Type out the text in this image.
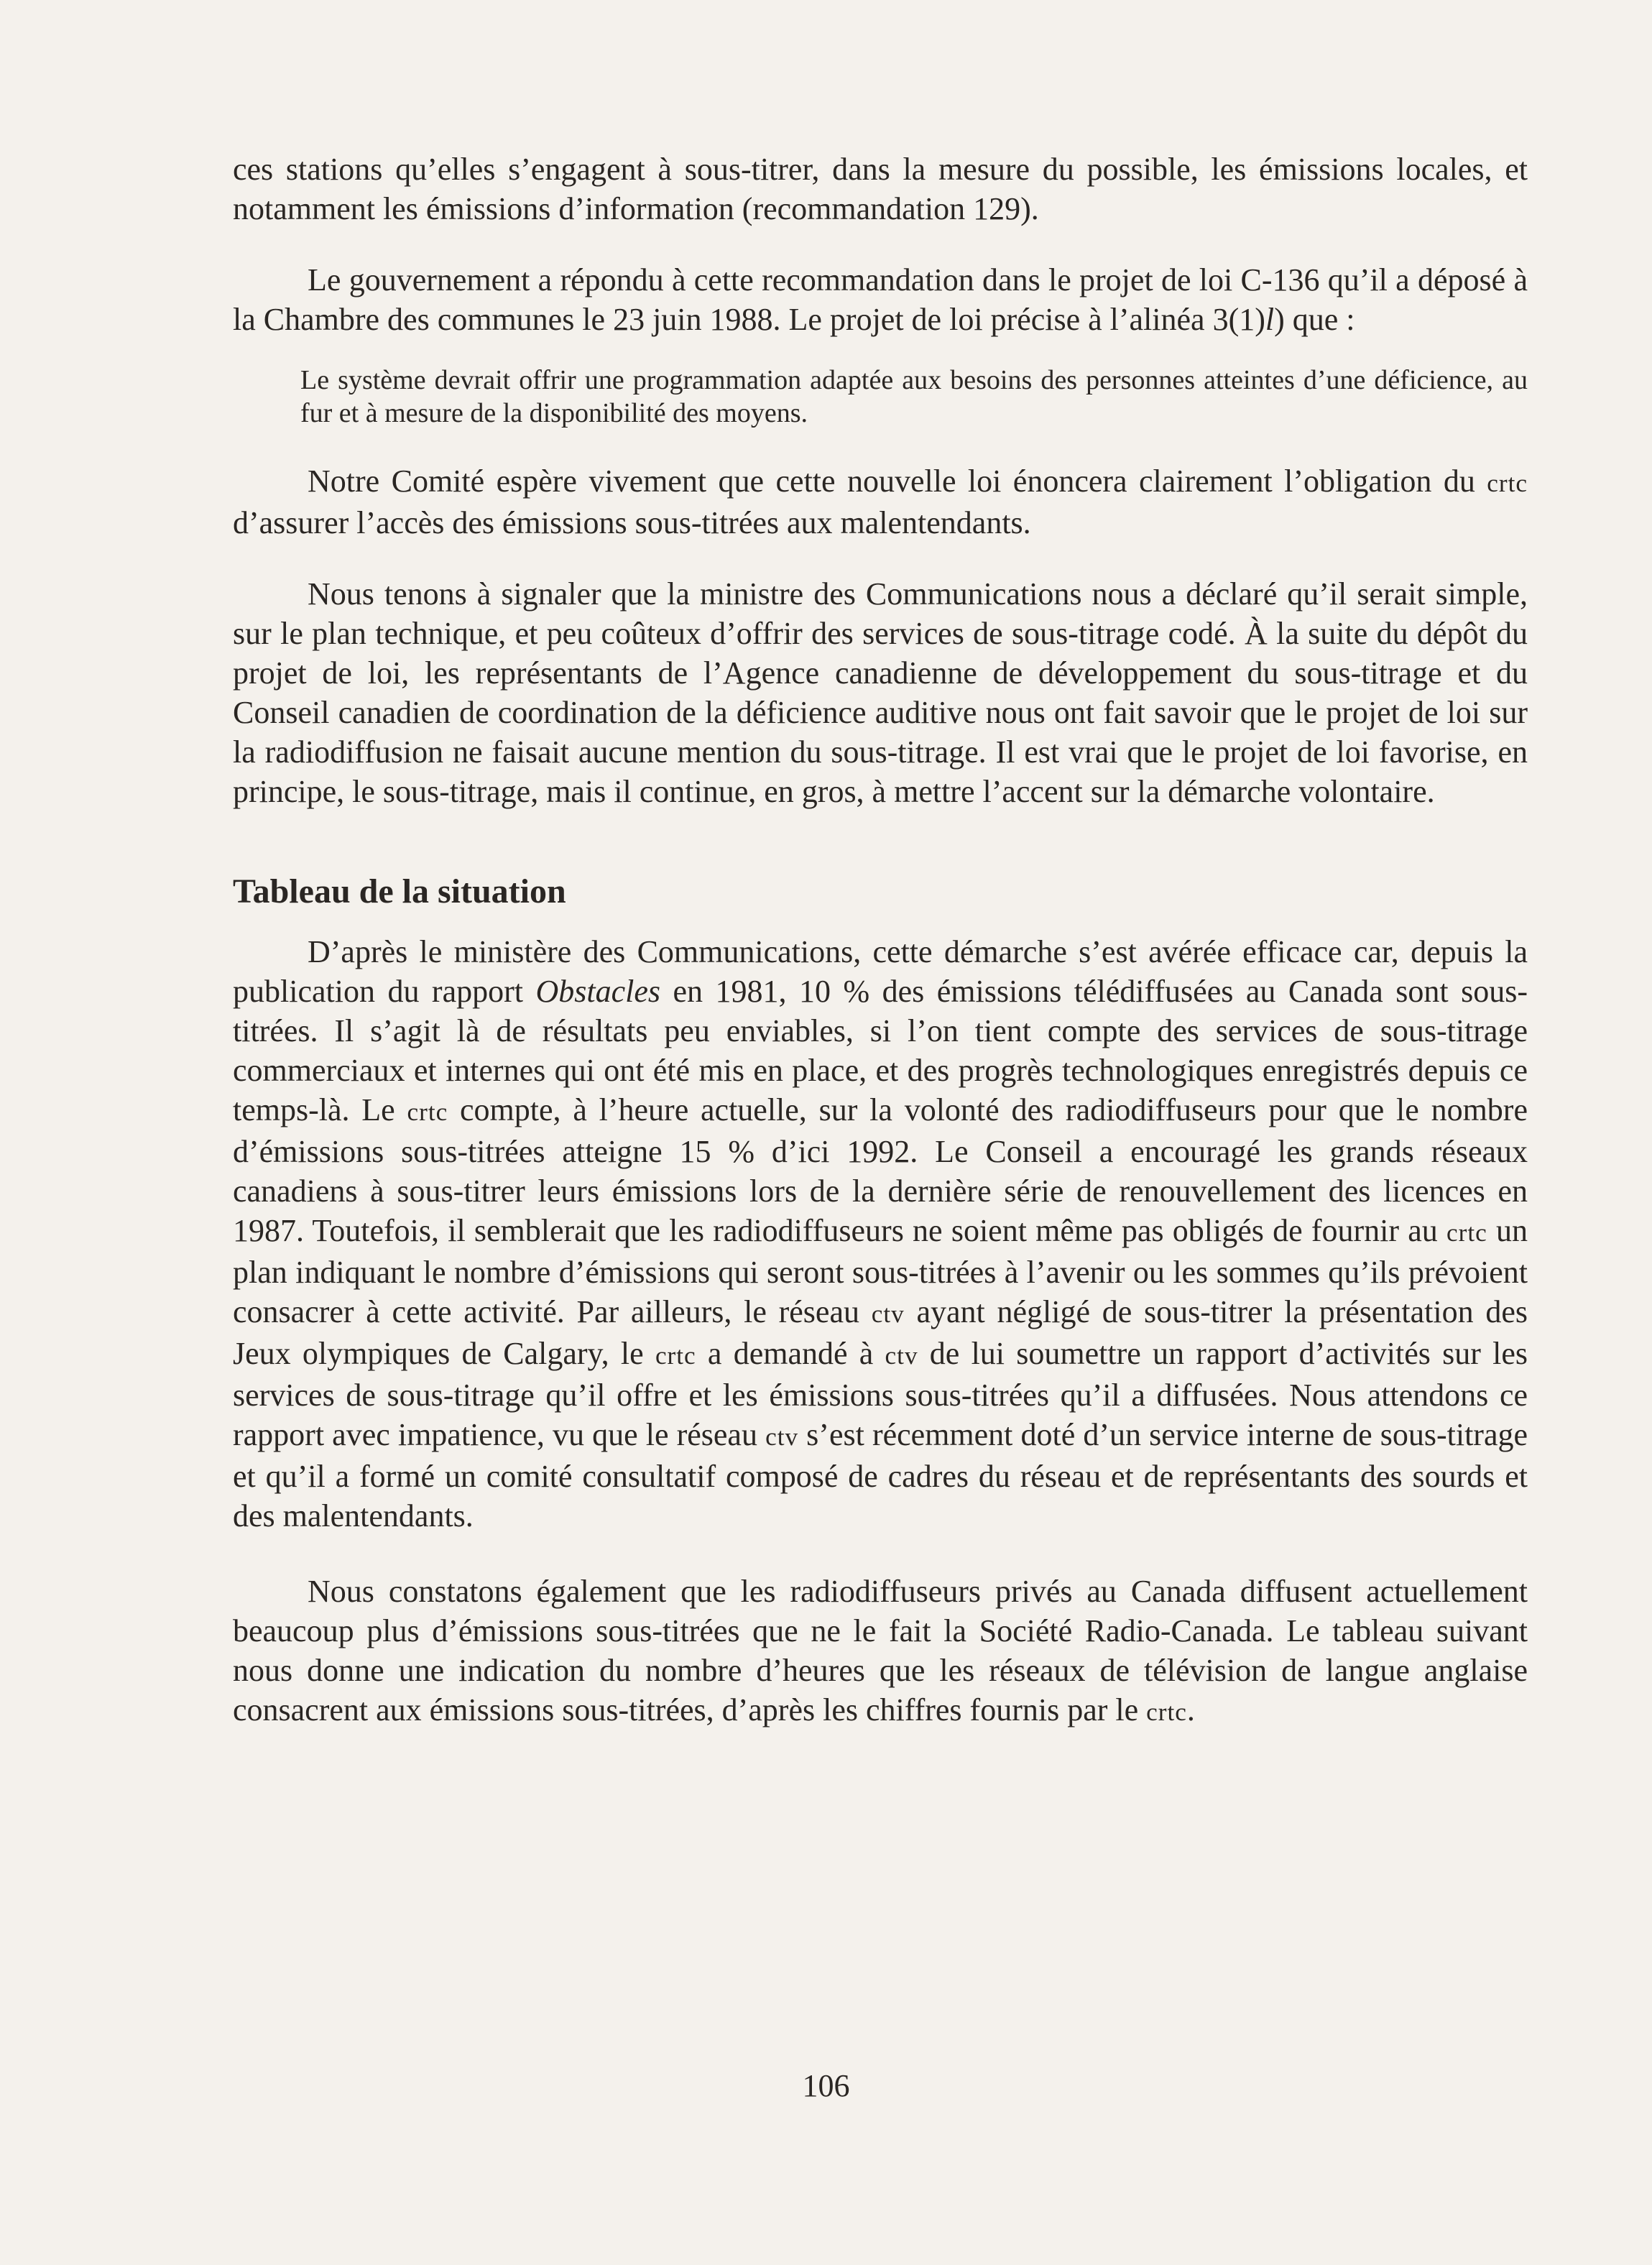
ces stations qu’elles s’engagent à sous-titrer, dans la mesure du possible, les émissions locales, et notamment les émissions d’information (recommandation 129).

Le gouvernement a répondu à cette recommandation dans le projet de loi C-136 qu’il a déposé à la Chambre des communes le 23 juin 1988. Le projet de loi précise à l’alinéa 3(1)l) que :

Le système devrait offrir une programmation adaptée aux besoins des personnes atteintes d’une déficience, au fur et à mesure de la disponibilité des moyens.

Notre Comité espère vivement que cette nouvelle loi énoncera clairement l’obligation du crtc d’assurer l’accès des émissions sous-titrées aux malentendants.

Nous tenons à signaler que la ministre des Communications nous a déclaré qu’il serait simple, sur le plan technique, et peu coûteux d’offrir des services de sous-titrage codé. À la suite du dépôt du projet de loi, les représentants de l’Agence canadienne de développement du sous-titrage et du Conseil canadien de coordination de la déficience auditive nous ont fait savoir que le projet de loi sur la radiodiffusion ne faisait aucune mention du sous-titrage. Il est vrai que le projet de loi favorise, en principe, le sous-titrage, mais il continue, en gros, à mettre l’accent sur la démarche volontaire.

Tableau de la situation

D’après le ministère des Communications, cette démarche s’est avérée efficace car, depuis la publication du rapport Obstacles en 1981, 10 % des émissions télédiffusées au Canada sont sous-titrées. Il s’agit là de résultats peu enviables, si l’on tient compte des services de sous-titrage commerciaux et internes qui ont été mis en place, et des progrès technologiques enregistrés depuis ce temps-là. Le crtc compte, à l’heure actuelle, sur la volonté des radiodiffuseurs pour que le nombre d’émissions sous-titrées atteigne 15 % d’ici 1992. Le Conseil a encouragé les grands réseaux canadiens à sous-titrer leurs émissions lors de la dernière série de renouvellement des licences en 1987. Toutefois, il semblerait que les radiodiffuseurs ne soient même pas obligés de fournir au crtc un plan indiquant le nombre d’émissions qui seront sous-titrées à l’avenir ou les sommes qu’ils prévoient consacrer à cette activité. Par ailleurs, le réseau ctv ayant négligé de sous-titrer la présentation des Jeux olympiques de Calgary, le crtc a demandé à ctv de lui soumettre un rapport d’activités sur les services de sous-titrage qu’il offre et les émissions sous-titrées qu’il a diffusées. Nous attendons ce rapport avec impatience, vu que le réseau ctv s’est récemment doté d’un service interne de sous-titrage et qu’il a formé un comité consultatif composé de cadres du réseau et de représentants des sourds et des malentendants.

Nous constatons également que les radiodiffuseurs privés au Canada diffusent actuellement beaucoup plus d’émissions sous-titrées que ne le fait la Société Radio-Canada. Le tableau suivant nous donne une indication du nombre d’heures que les réseaux de télévision de langue anglaise consacrent aux émissions sous-titrées, d’après les chiffres fournis par le crtc.

106
